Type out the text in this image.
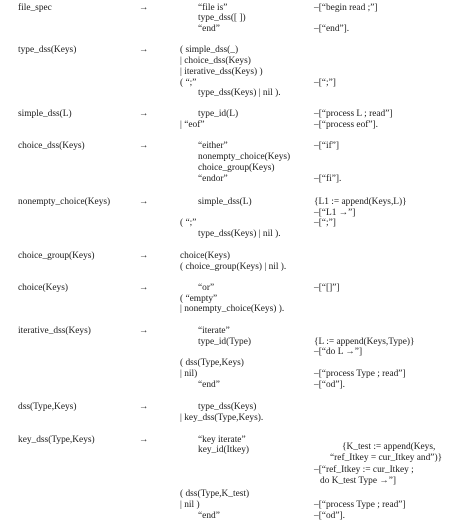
file_spec	→	“file is”	–[“begin read ;”]
type_dss([ ])
“end”	–[“end”].
type_dss(Keys)	→	( simple_dss(_)
| choice_dss(Keys)
| iterative_dss(Keys) )
( “;”	–[“;”]
type_dss(Keys) | nil ).
simple_dss(L)	→	type_id(L)	–[“process L ; read”]
| “eof”	–[“process eof”].
choice_dss(Keys)	→	“either”	–[“if”]
nonempty_choice(Keys)
choice_group(Keys)
“endor”	–[“fi”].
nonempty_choice(Keys)	→	simple_dss(L)	{L1 := append(Keys,L)}
–[“L1 →”]
( “;”	–[“;”]
type_dss(Keys) | nil ).
choice_group(Keys)	→	choice(Keys)
( choice_group(Keys) | nil ).
choice(Keys)	→	“or”	–[“[]”]
( “empty”
| nonempty_choice(Keys) ).
iterative_dss(Keys)	→	“iterate”
type_id(Type)	{L := append(Keys,Type)}
–[“do L →”]
( dss(Type,Keys)
| nil)	–[“process Type ; read”]
“end”	–[“od”].
dss(Type,Keys)	→	type_dss(Keys)
| key_dss(Type,Keys).
key_dss(Type,Keys)	→	“key iterate”
key_id(Itkey)	{K_test := append(Keys,
“ref_Itkey = cur_Itkey and”)}
–[“ref_Itkey := cur_Itkey ;
do K_test Type →”]
( dss(Type,K_test)
| nil )	–[“process Type ; read”]
“end”	–[“od”].
